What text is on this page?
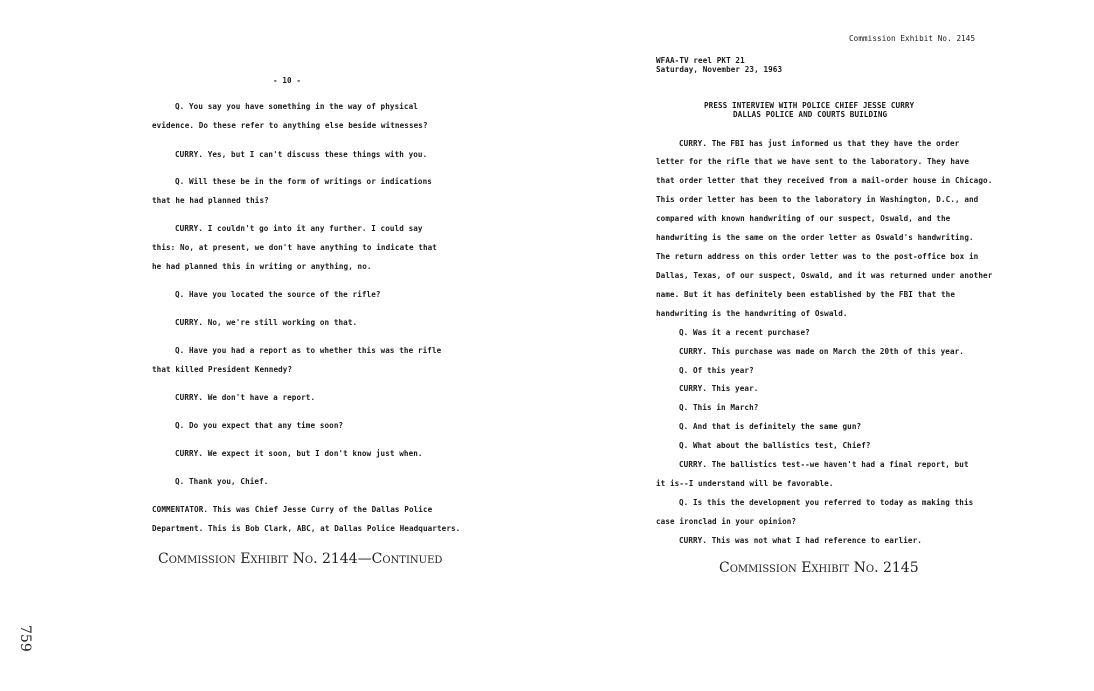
- 10 -
Q. You say you have something in the way of physical
evidence. Do these refer to anything else beside witnesses?
CURRY. Yes, but I can't discuss these things with you.
Q. Will these be in the form of writings or indications
that he had planned this?
CURRY. I couldn't go into it any further. I could say
this: No, at present, we don't have anything to indicate that
he had planned this in writing or anything, no.
Q. Have you located the source of the rifle?
CURRY. No, we're still working on that.
Q. Have you had a report as to whether this was the rifle
that killed President Kennedy?
CURRY. We don't have a report.
Q. Do you expect that any time soon?
CURRY. We expect it soon, but I don't know just when.
Q. Thank you, Chief.
COMMENTATOR. This was Chief Jesse Curry of the Dallas Police
Department. This is Bob Clark, ABC, at Dallas Police Headquarters.
Commission Exhibit No. 2144—Continued
Commission Exhibit No. 2145
WFAA-TV reel PKT 21
Saturday, November 23, 1963
PRESS INTERVIEW WITH POLICE CHIEF JESSE CURRY
DALLAS POLICE AND COURTS BUILDING
CURRY. The FBI has just informed us that they have the order
letter for the rifle that we have sent to the laboratory. They have
that order letter that they received from a mail-order house in Chicago.
This order letter has been to the laboratory in Washington, D.C., and
compared with known handwriting of our suspect, Oswald, and the
handwriting is the same on the order letter as Oswald's handwriting.
The return address on this order letter was to the post-office box in
Dallas, Texas, of our suspect, Oswald, and it was returned under another
name. But it has definitely been established by the FBI that the
handwriting is the handwriting of Oswald.
Q. Was it a recent purchase?
CURRY. This purchase was made on March the 20th of this year.
Q. Of this year?
CURRY. This year.
Q. This in March?
Q. And that is definitely the same gun?
Q. What about the ballistics test, Chief?
CURRY. The ballistics test--we haven't had a final report, but
it is--I understand will be favorable.
Q. Is this the development you referred to today as making this
case ironclad in your opinion?
CURRY. This was not what I had reference to earlier.
Commission Exhibit No. 2145
759
